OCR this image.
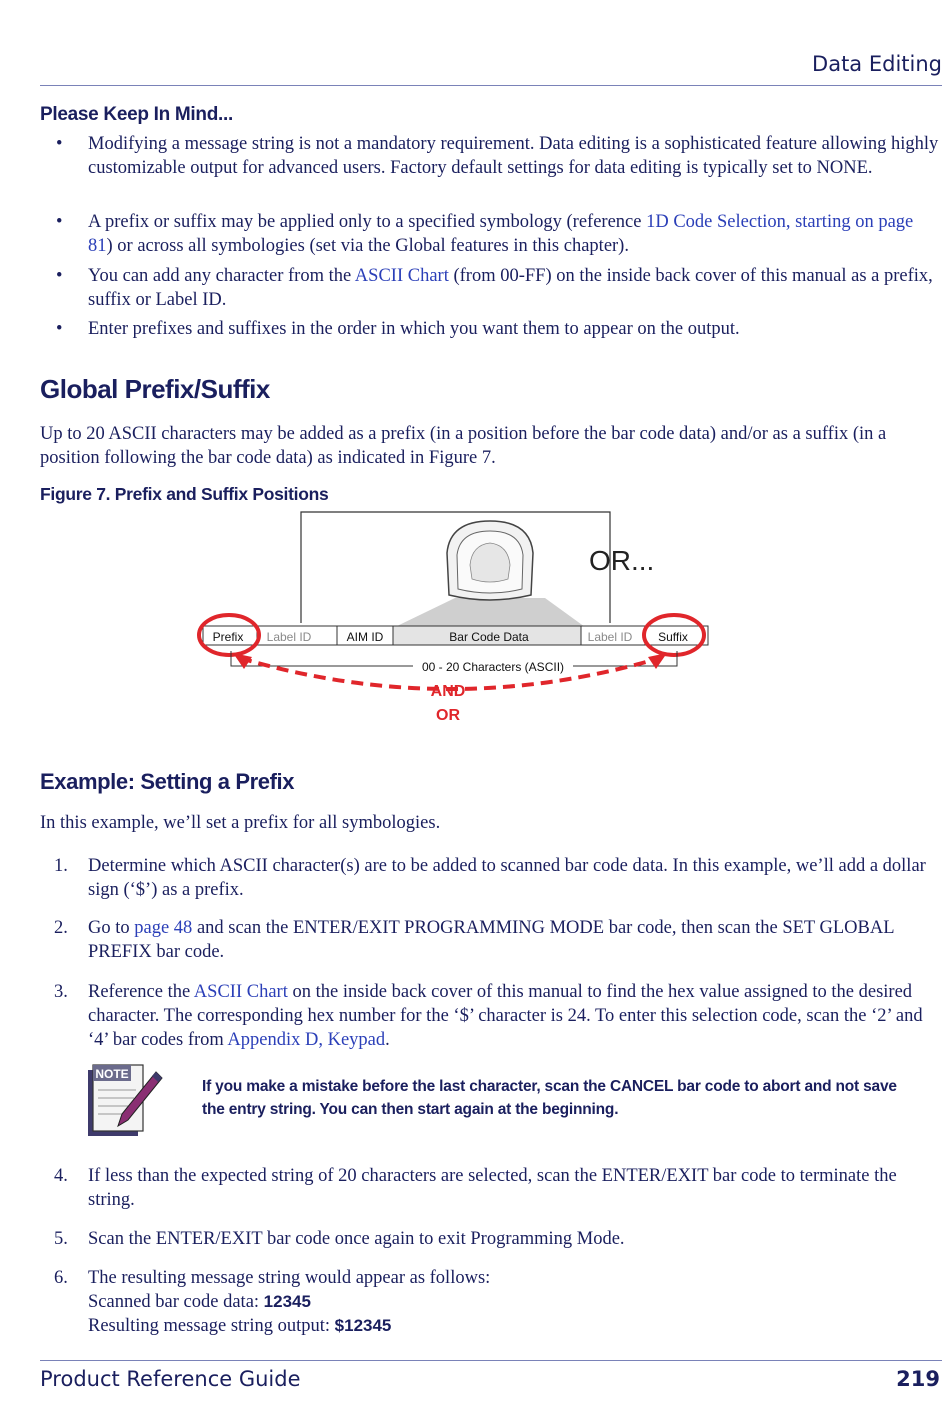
Data Editing
Please Keep In Mind...
• Modifying a message string is not a mandatory requirement. Data editing is a sophisticated feature allowing highly customizable output for advanced users. Factory default settings for data editing is typically set to NONE.
• A prefix or suffix may be applied only to a specified symbology (reference 1D Code Selection, starting on page 81) or across all symbologies (set via the Global features in this chapter).
• You can add any character from the ASCII Chart (from 00-FF) on the inside back cover of this manual as a prefix, suffix or Label ID.
• Enter prefixes and suffixes in the order in which you want them to appear on the output.
Global Prefix/Suffix
Up to 20 ASCII characters may be added as a prefix (in a position before the bar code data) and/or as a suffix (in a position following the bar code data) as indicated in Figure 7.
Figure 7. Prefix and Suffix Positions
OR...
Prefix Label ID	AIM ID	Bar Code Data	Label ID Suffix
00 - 20 Characters (ASCII)
AND
OR
Example: Setting a Prefix
In this example, we’ll set a prefix for all symbologies.
1. Determine which ASCII character(s) are to be added to scanned bar code data. In this example, we’ll add a dollar sign (‘$’) as a prefix.
2. Go to page 48 and scan the ENTER/EXIT PROGRAMMING MODE bar code, then scan the SET GLOBAL PREFIX bar code.
3. Reference the ASCII Chart on the inside back cover of this manual to find the hex value assigned to the desired character. The corresponding hex number for the ‘$’ character is 24. To enter this selection code, scan the ‘2’ and ‘4’ bar codes from Appendix D, Keypad.
NOTE
If you make a mistake before the last character, scan the CANCEL bar code to abort and not save the entry string. You can then start again at the beginning.
4. If less than the expected string of 20 characters are selected, scan the ENTER/EXIT bar code to terminate the string.
5. Scan the ENTER/EXIT bar code once again to exit Programming Mode.
6. The resulting message string would appear as follows:
Scanned bar code data: 12345
Resulting message string output: $12345
Product Reference Guide	219
